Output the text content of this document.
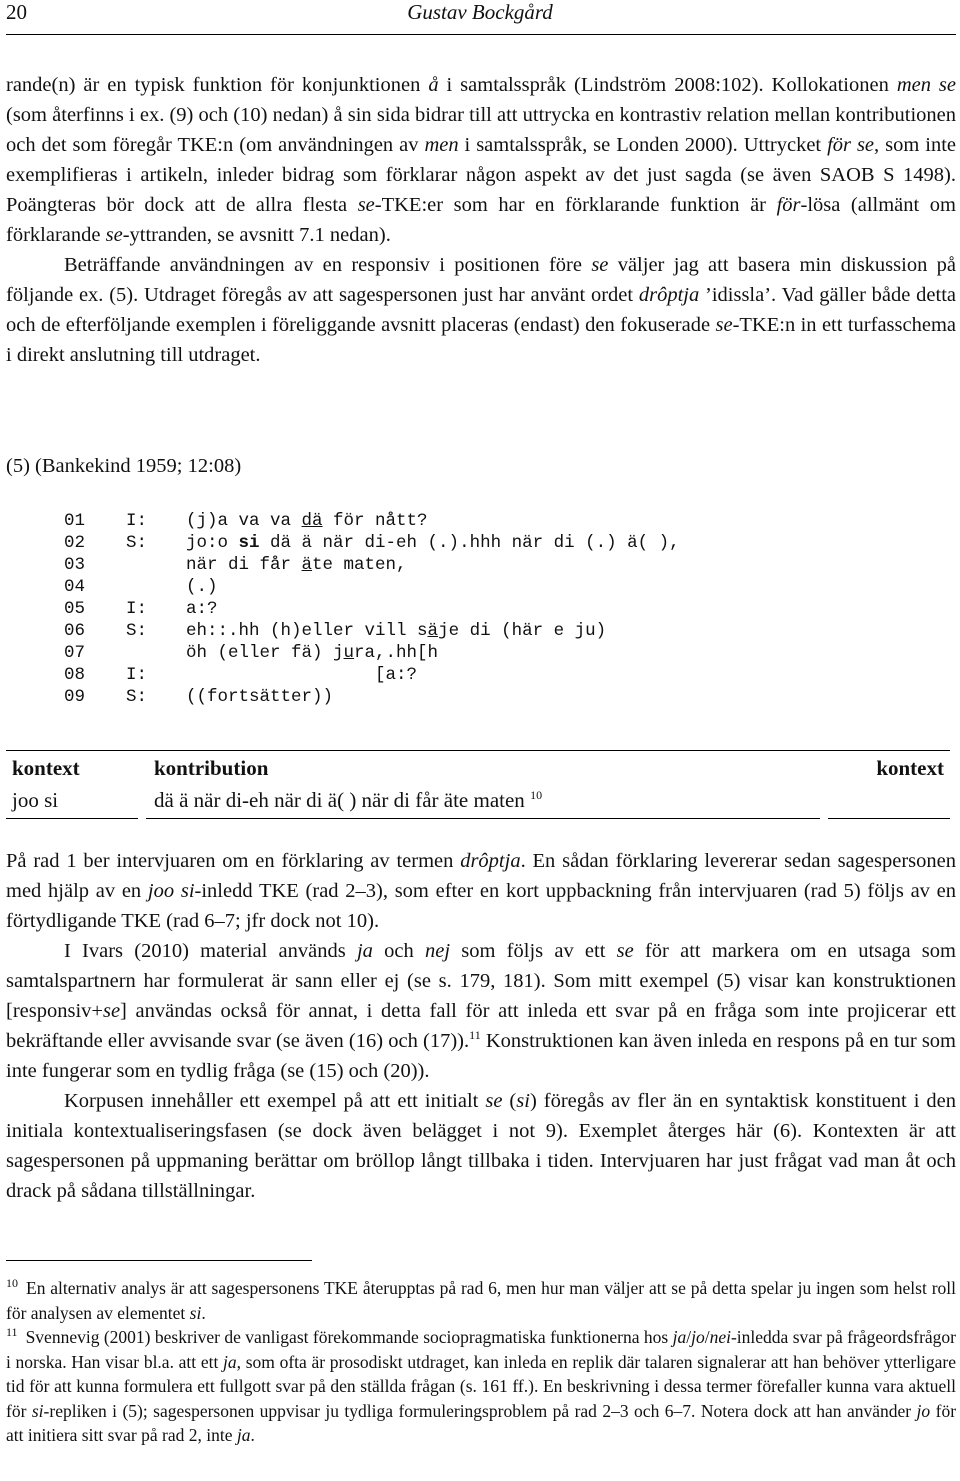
20	Gustav Bockgård

rande(n) är en typisk funktion för konjunktionen å i samtalsspråk (Lindström 2008:102). Kollokationen men se (som återfinns i ex. (9) och (10) nedan) å sin sida bidrar till att uttrycka en kontrastiv relation mellan kontributionen och det som föregår TKE:n (om användningen av men i samtalsspråk, se Londen 2000). Uttrycket för se, som inte exemplifieras i artikeln, inleder bidrag som förklarar någon aspekt av det just sagda (se även SAOB S 1498). Poängteras bör dock att de allra flesta se-TKE:er som har en förklarande funktion är för-lösa (allmänt om förklarande se-yttranden, se avsnitt 7.1 nedan).

Beträffande användningen av en responsiv i positionen före se väljer jag att basera min diskussion på följande ex. (5). Utdraget föregås av att sagespersonen just har använt ordet drôptja ’idissla’. Vad gäller både detta och de efterföljande exemplen i föreliggande avsnitt placeras (endast) den fokuserade se-TKE:n in ett turfasschema i direkt anslutning till utdraget.

(5) (Bankekind 1959; 12:08)
01 I: (j)a va va dä för nått?
02 S: jo:o si dä ä när di-eh (.).hhh när di (.) ä( ),
03	när di får äte maten,
04	(.)
05 I: a:?
06 S: eh::.hh (h)eller vill säje di (här e ju)
07	öh (eller fä) jura,.hh[h
08 I:                  [a:?
09 S: ((fortsätter))
kontext	kontribution	kontext
joo si	dä ä när di-eh när di ä( ) när di får äte maten $^{10}$

På rad 1 ber intervjuaren om en förklaring av termen drôptja. En sådan förklaring levererar sedan sagespersonen med hjälp av en joo si-inledd TKE (rad 2–3), som efter en kort uppbackning från intervjuaren (rad 5) följs av en förtydligande TKE (rad 6–7; jfr dock not 10).

I Ivars (2010) material används ja och nej som följs av ett se för att markera om en utsaga som samtalspartnern har formulerat är sann eller ej (se s. 179, 181). Som mitt exempel (5) visar kan konstruktionen [responsiv+se] användas också för annat, i detta fall för att inleda ett svar på en fråga som inte projicerar ett bekräftande eller avvisande svar (se även (16) och (17)).$^{11}$ Konstruktionen kan även inleda en respons på en tur som inte fungerar som en tydlig fråga (se (15) och (20)).

Korpusen innehåller ett exempel på att ett initialt se (si) föregås av fler än en syntaktisk konstituent i den initiala kontextualiseringsfasen (se dock även belägget i not 9). Exemplet återges här (6). Kontexten är att sagespersonen på uppmaning berättar om bröllop långt tillbaka i tiden. Intervjuaren har just frågat vad man åt och drack på sådana tillställningar.

$^{10}$ En alternativ analys är att sagespersonens TKE återupptas på rad 6, men hur man väljer att se på detta spelar ju ingen som helst roll för analysen av elementet si.

$^{11}$ Svennevig (2001) beskriver de vanligast förekommande sociopragmatiska funktionerna hos ja/jo/nei-inledda svar på frågeordsfrågor i norska. Han visar bl.a. att ett ja, som ofta är prosodiskt utdraget, kan inleda en replik där talaren signalerar att han behöver ytterligare tid för att kunna formulera ett fullgott svar på den ställda frågan (s. 161 ff.). En beskrivning i dessa termer förefaller kunna vara aktuell för si-repliken i (5); sagespersonen uppvisar ju tydliga formuleringsproblem på rad 2–3 och 6–7. Notera dock att han använder jo för att initiera sitt svar på rad 2, inte ja.
